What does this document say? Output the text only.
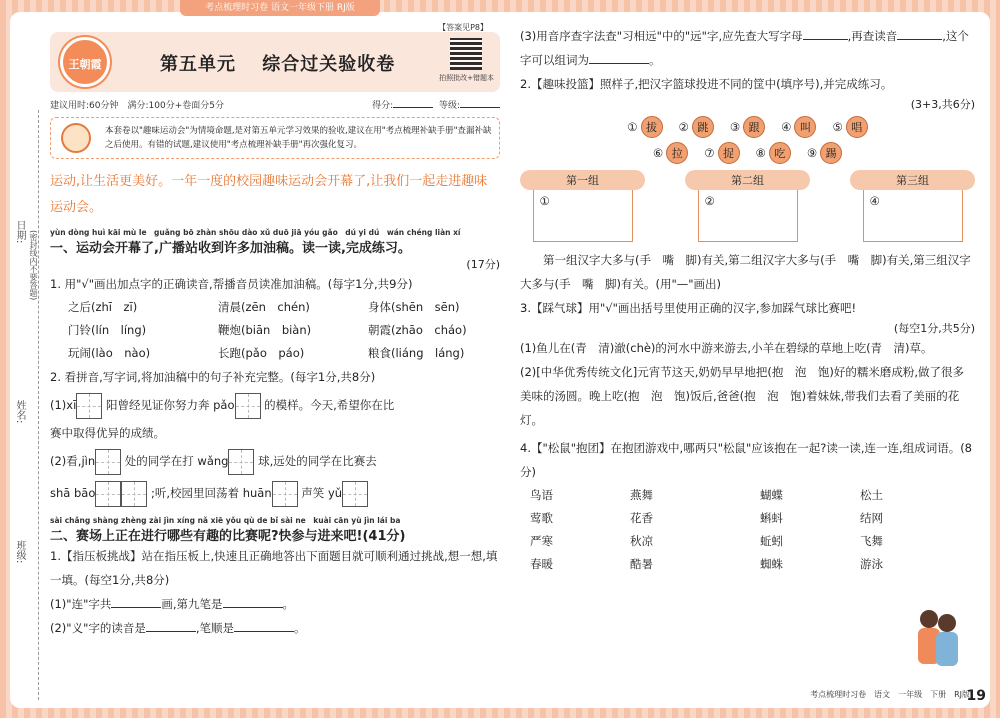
考点梳理时习卷 语文一年级下册 RJ版
日期: (密封线内不要答题)
姓名:
班级:
【答案见P8】
王朝霞	第五单元　 综合过关验收卷
拍照批改+错题本
建议用时:60分钟　满分:100分+卷面分5分	得分:	等级:
本套卷以"趣味运动会"为情境命题,是对第五单元学习效果的验收,建议在用"考点梳理补缺手册"查漏补缺之后使用。有错的试题,建议使用"考点梳理补缺手册"再次强化复习。
运动,让生活更美好。一年一度的校园趣味运动会开幕了,让我们一起走进趣味运动会。
yùn dòng huì kāi mù le　guǎng bō zhàn shōu dào xǔ duō jiā yóu gǎo　dú yi dú　wán chéng liàn xí
一、运动会开幕了,广播站收到许多加油稿。读一读,完成练习。
(17分)
1. 用"√"画出加点字的正确读音,帮播音员读准加油稿。(每字1分,共9分)
之后(zhī　zī)	清晨(zēn　chén)	身体(shēn　sēn)
门铃(lín　líng)	鞭炮(biān　biàn)	朝霞(zhāo　cháo)
玩闹(lào　nào)	长跑(pǎo　páo)	粮食(liáng　láng)
2. 看拼音,写字词,将加油稿中的句子补充完整。(每字1分,共8分)
(1)xī	阳曾经见证你努力奔 pǎo	的模样。今天,希望你在比
赛中取得优异的成绩。
(2)看,jìn	处的同学在打 wǎng	球,远处的同学在比赛去
shā bāo	;听,校园里回荡着 huān	声笑 yǔ
sài chǎng shàng zhèng zài jìn xíng nǎ xiē yǒu qù de bǐ sài ne　kuài cān yù jìn lái ba
二、赛场上正在进行哪些有趣的比赛呢?快参与进来吧!(41分)
1.【指压板挑战】站在指压板上,快速且正确地答出下面题目就可顺利通过挑战,想一想,填一填。(每空1分,共8分)
(1)"连"字共	画,第九笔是	。
(2)"义"字的读音是	,笔顺是	。
(3)用音序查字法查"习相远"中的"远"字,应先查大写字母	,再查读音	,这个字可以组词为	。
2.【趣味投篮】照样子,把汉字篮球投进不同的筐中(填序号),并完成练习。
(3+3,共6分)
① 拔	② 跳	③ 跟	④ 叫	⑤ 唱
⑥ 拉	⑦ 捉	⑧ 吃	⑨ 踢
第一组
①
第二组
②
第三组
④
第一组汉字大多与(手　嘴　脚)有关,第二组汉字大多与(手　嘴　脚)有关,第三组汉字大多与(手　嘴　脚)有关。(用"—"画出)
3.【踩气球】用"√"画出括号里使用正确的汉字,参加踩气球比赛吧!
(每空1分,共5分)
(1)鱼儿在(青　清)澈(chè)的河水中游来游去,小羊在碧绿的草地上吃(青　清)草。
(2)[中华优秀传统文化]元宵节这天,奶奶早早地把(抱　泡　饱)好的糯米磨成粉,做了很多美味的汤圆。晚上吃(抱　泡　饱)饭后,爸爸(抱　泡　饱)着妹妹,带我们去看了美丽的花灯。
4.【"松鼠"抱团】在抱团游戏中,哪两只"松鼠"应该抱在一起?读一读,连一连,组成词语。(8分)
鸟语	燕舞	蝴蝶	松土
莺歌	花香	蝌蚪	结网
严寒	秋凉	蚯蚓	飞舞
春暖	酷暑	蜘蛛	游泳
考点梳理时习卷　语文　一年级　下册　RJ版
19
